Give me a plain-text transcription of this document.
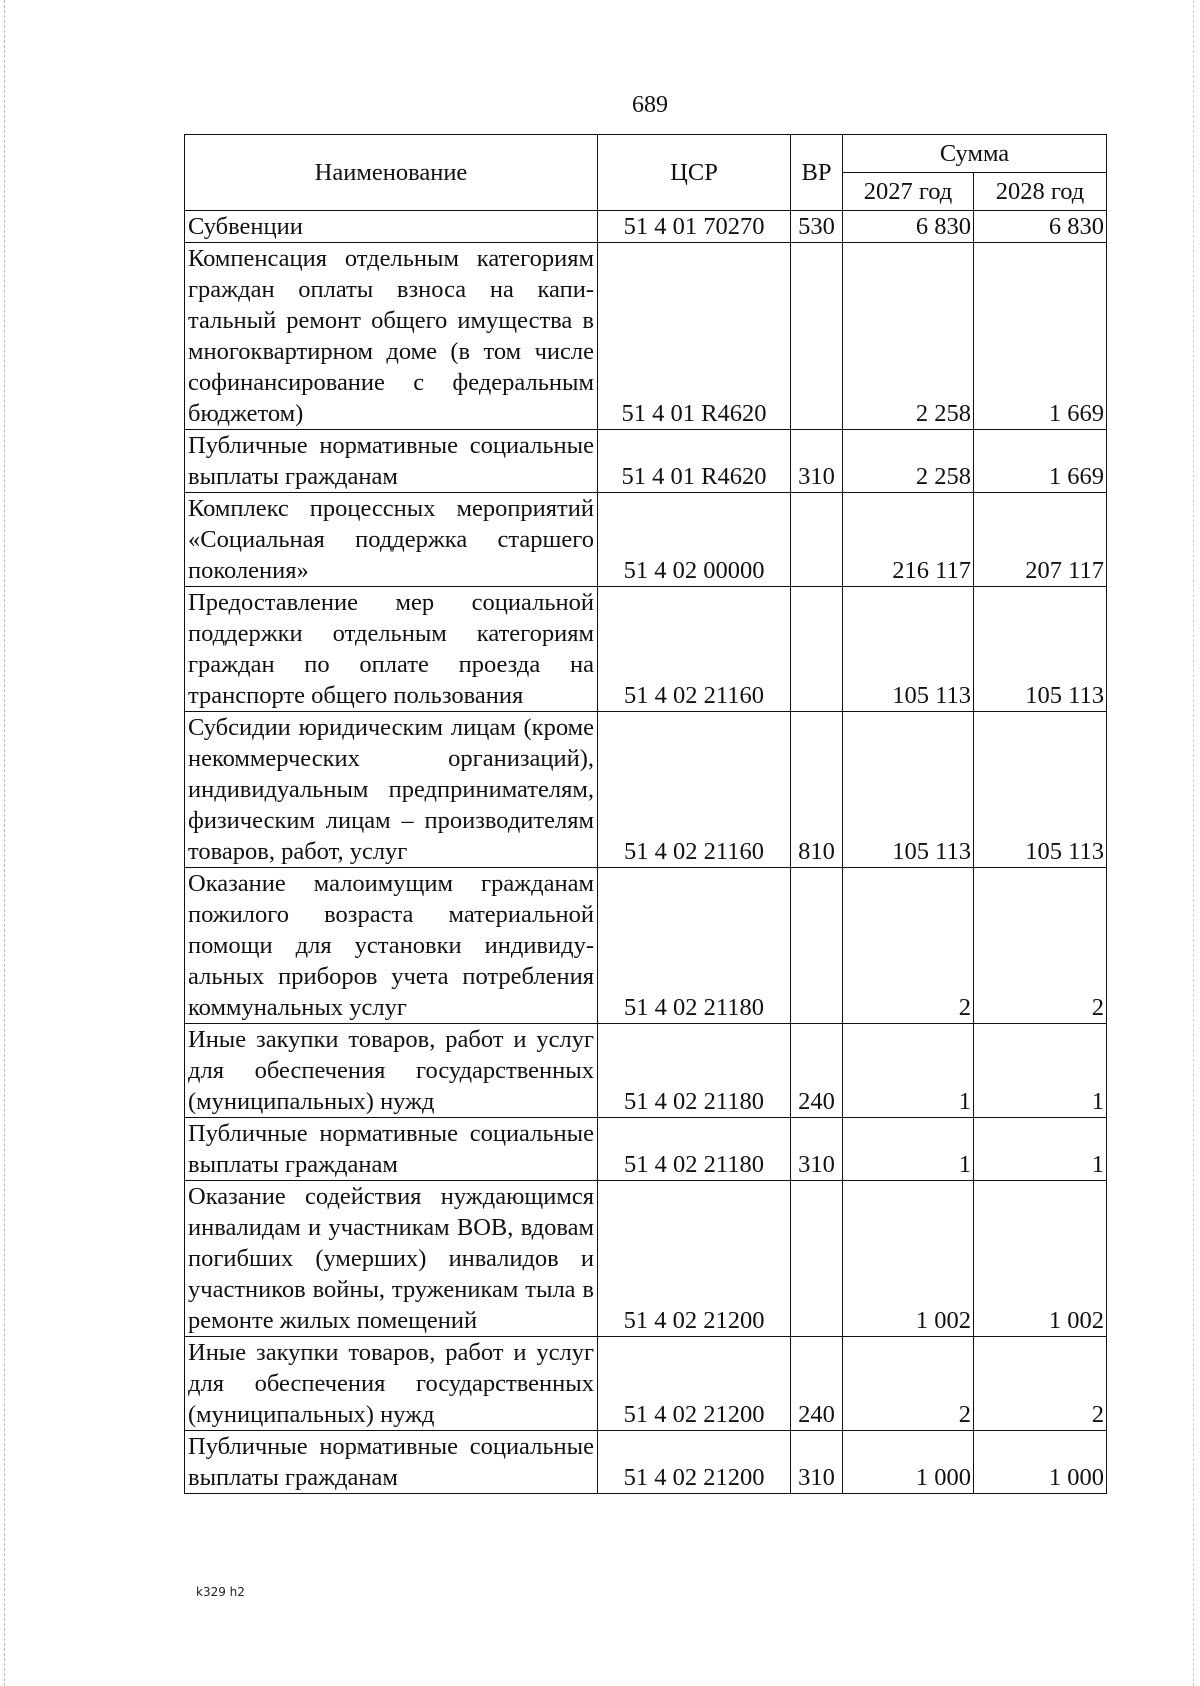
689
Наименование	ЦСР	ВР	Сумма	
			2027 год	2028 год
Субвенции	51 4 01 70270	530	6 830	6 830
Компенсация отдельным категориям граждан оплаты взноса на капитальный ремонт общего имущества в многоквартирном доме (в том числе софинансирование с федеральным бюджетом)	51 4 01 R4620		2 258	1 669
Публичные нормативные социальные выплаты гражданам	51 4 01 R4620	310	2 258	1 669
Комплекс процессных мероприятий «Социальная поддержка старшего поколения»	51 4 02 00000		216 117	207 117
Предоставление мер социальной поддержки отдельным категориям граждан по оплате проезда на транспорте общего пользования	51 4 02 21160		105 113	105 113
Субсидии юридическим лицам (кроме некоммерческих организаций), индивидуальным предпринимателям, физическим лицам – производителям товаров, работ, услуг	51 4 02 21160	810	105 113	105 113
Оказание малоимущим гражданам пожилого возраста материальной помощи для установки индивидуальных приборов учета потребления коммунальных услуг	51 4 02 21180		2	2
Иные закупки товаров, работ и услуг для обеспечения государственных (муниципальных) нужд	51 4 02 21180	240	1	1
Публичные нормативные социальные выплаты гражданам	51 4 02 21180	310	1	1
Оказание содействия нуждающимся инвалидам и участникам ВОВ, вдовам погибших (умерших) инвалидов и участников войны, труженикам тыла в ремонте жилых помещений	51 4 02 21200		1 002	1 002
Иные закупки товаров, работ и услуг для обеспечения государственных (муниципальных) нужд	51 4 02 21200	240	2	2
Публичные нормативные социальные выплаты гражданам	51 4 02 21200	310	1 000	1 000
k329 h2
